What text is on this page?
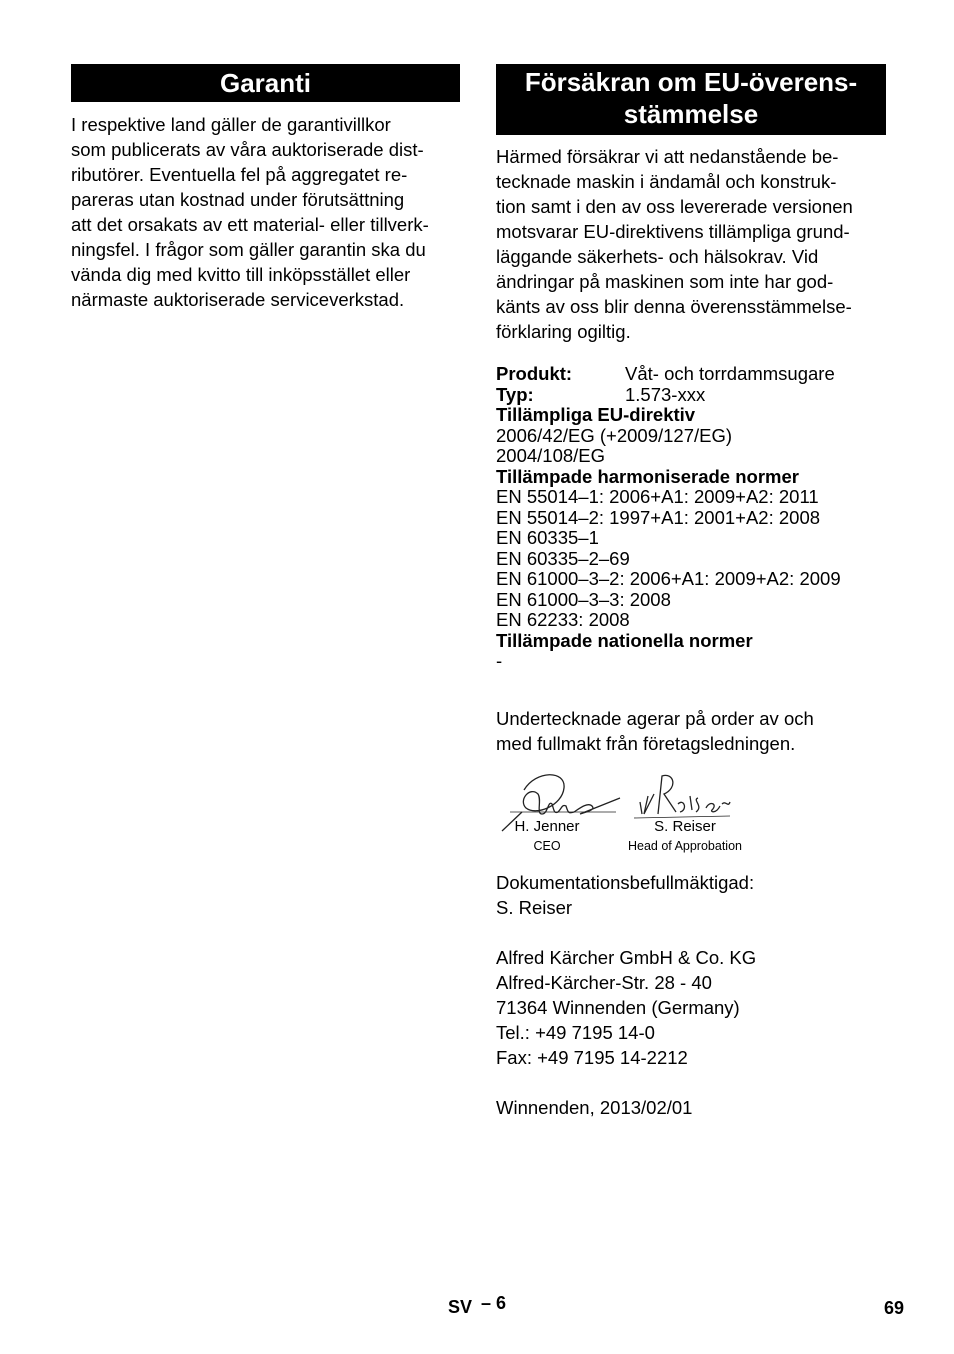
Garanti
I respektive land gäller de garantivillkor
som publicerats av våra auktoriserade dist-
ributörer. Eventuella fel på aggregatet re-
pareras utan kostnad under förutsättning
att det orsakats av ett material- eller tillverk-
ningsfel. I frågor som gäller garantin ska du
vända dig med kvitto till inköpsstället eller
närmaste auktoriserade serviceverkstad.
Försäkran om EU-överens-
stämmelse
Härmed försäkrar vi att nedanstående be-
tecknade maskin i ändamål och konstruk-
tion samt i den av oss levererade versionen
motsvarar EU-direktivens tillämpliga grund-
läggande säkerhets- och hälsokrav. Vid
ändringar på maskinen som inte har god-
känts av oss blir denna överensstämmelse-
förklaring ogiltig.
Produkt:	Våt- och torrdammsugare
Typ:	1.573-xxx
Tillämpliga EU-direktiv
2006/42/EG (+2009/127/EG)
2004/108/EG
Tillämpade harmoniserade normer
EN 55014–1: 2006+A1: 2009+A2: 2011
EN 55014–2: 1997+A1: 2001+A2: 2008
EN 60335–1
EN 60335–2–69
EN 61000–3–2: 2006+A1: 2009+A2: 2009
EN 61000–3–3: 2008
EN 62233: 2008
Tillämpade nationella normer
-
Undertecknade agerar på order av och
med fullmakt från företagsledningen.
H. Jenner
CEO
S. Reiser
Head of Approbation
Dokumentationsbefullmäktigad:
S. Reiser
Alfred Kärcher GmbH & Co. KG
Alfred-Kärcher-Str. 28 - 40
71364 Winnenden (Germany)
Tel.: +49 7195 14-0
Fax: +49 7195 14-2212
Winnenden, 2013/02/01
SV – 6	69
